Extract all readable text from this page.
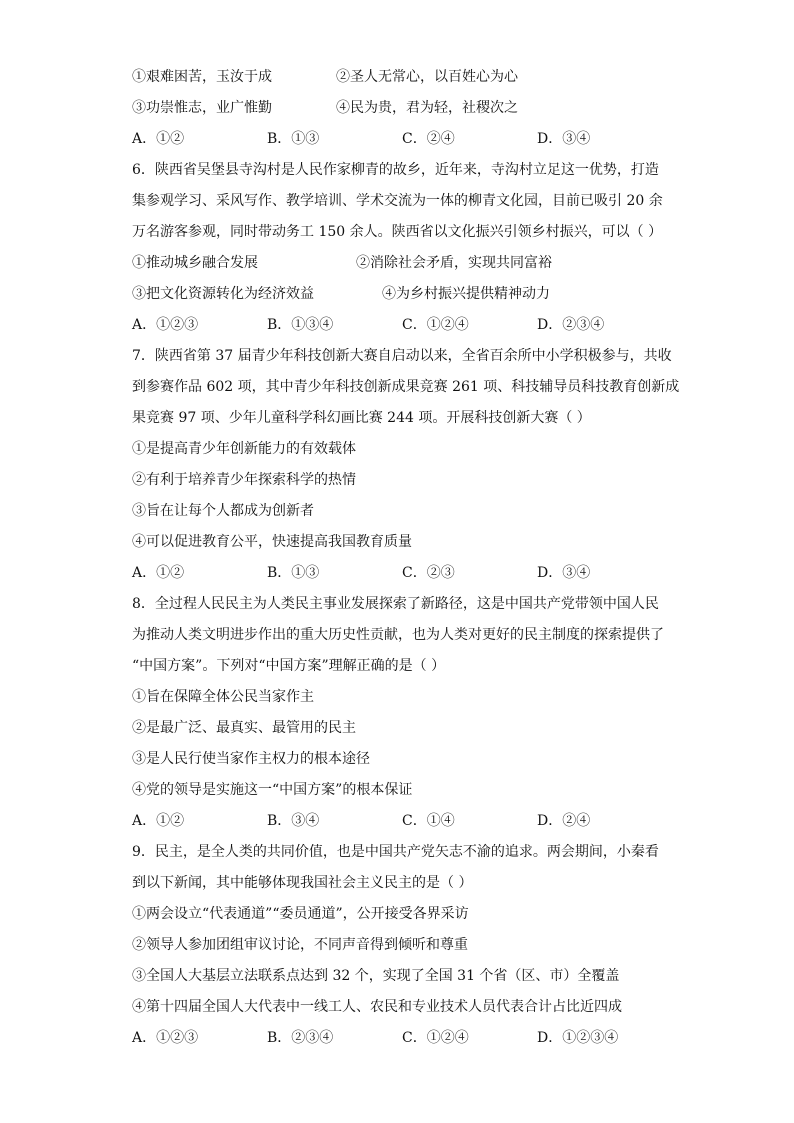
①艰难困苦，玉汝于成	②圣人无常心，以百姓心为心
③功崇惟志，业广惟勤	④民为贵，君为轻，社稷次之
A．①②	B．①③	C．②④	D．③④
6．陕西省吴堡县寺沟村是人民作家柳青的故乡，近年来，寺沟村立足这一优势，打造
集参观学习、采风写作、教学培训、学术交流为一体的柳青文化园，目前已吸引 20 余
万名游客参观，同时带动务工 150 余人。陕西省以文化振兴引领乡村振兴，可以（ ）
①推动城乡融合发展	②消除社会矛盾，实现共同富裕
③把文化资源转化为经济效益	④为乡村振兴提供精神动力
A．①②③	B．①③④	C．①②④	D．②③④
7．陕西省第 37 届青少年科技创新大赛自启动以来，全省百余所中小学积极参与，共收
到参赛作品 602 项，其中青少年科技创新成果竞赛 261 项、科技辅导员科技教育创新成
果竞赛 97 项、少年儿童科学科幻画比赛 244 项。开展科技创新大赛（ ）
①是提高青少年创新能力的有效载体
②有利于培养青少年探索科学的热情
③旨在让每个人都成为创新者
④可以促进教育公平，快速提高我国教育质量
A．①②	B．①③	C．②③	D．③④
8．全过程人民民主为人类民主事业发展探索了新路径，这是中国共产党带领中国人民
为推动人类文明进步作出的重大历史性贡献，也为人类对更好的民主制度的探索提供了
“中国方案”。下列对“中国方案”理解正确的是（ ）
①旨在保障全体公民当家作主
②是最广泛、最真实、最管用的民主
③是人民行使当家作主权力的根本途径
④党的领导是实施这一“中国方案”的根本保证
A．①②	B．③④	C．①④	D．②④
9．民主，是全人类的共同价值，也是中国共产党矢志不渝的追求。两会期间，小秦看
到以下新闻，其中能够体现我国社会主义民主的是（ ）
①两会设立“代表通道”“委员通道”，公开接受各界采访
②领导人参加团组审议讨论，不同声音得到倾听和尊重
③全国人大基层立法联系点达到 32 个，实现了全国 31 个省（区、市）全覆盖
④第十四届全国人大代表中一线工人、农民和专业技术人员代表合计占比近四成
A．①②③	B．②③④	C．①②④	D．①②③④
